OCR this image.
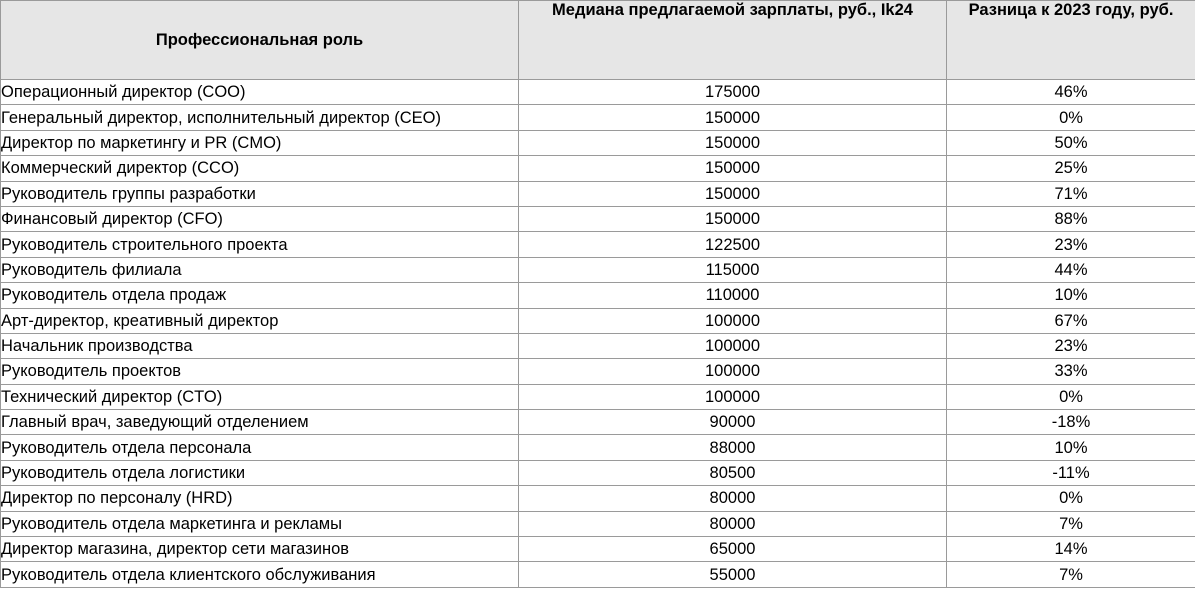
Профессиональная роль	Медиана предлагаемой зарплаты, руб., Ik24	Разница к 2023 году, руб.
Операционный директор (COO)	175000	46%
Генеральный директор, исполнительный директор (CEO)	150000	0%
Директор по маркетингу и PR (CMO)	150000	50%
Коммерческий директор (CCO)	150000	25%
Руководитель группы разработки	150000	71%
Финансовый директор (CFO)	150000	88%
Руководитель строительного проекта	122500	23%
Руководитель филиала	115000	44%
Руководитель отдела продаж	110000	10%
Арт-директор, креативный директор	100000	67%
Начальник производства	100000	23%
Руководитель проектов	100000	33%
Технический директор (CTO)	100000	0%
Главный врач, заведующий отделением	90000	-18%
Руководитель отдела персонала	88000	10%
Руководитель отдела логистики	80500	-11%
Директор по персоналу (HRD)	80000	0%
Руководитель отдела маркетинга и рекламы	80000	7%
Директор магазина, директор сети магазинов	65000	14%
Руководитель отдела клиентского обслуживания	55000	7%
